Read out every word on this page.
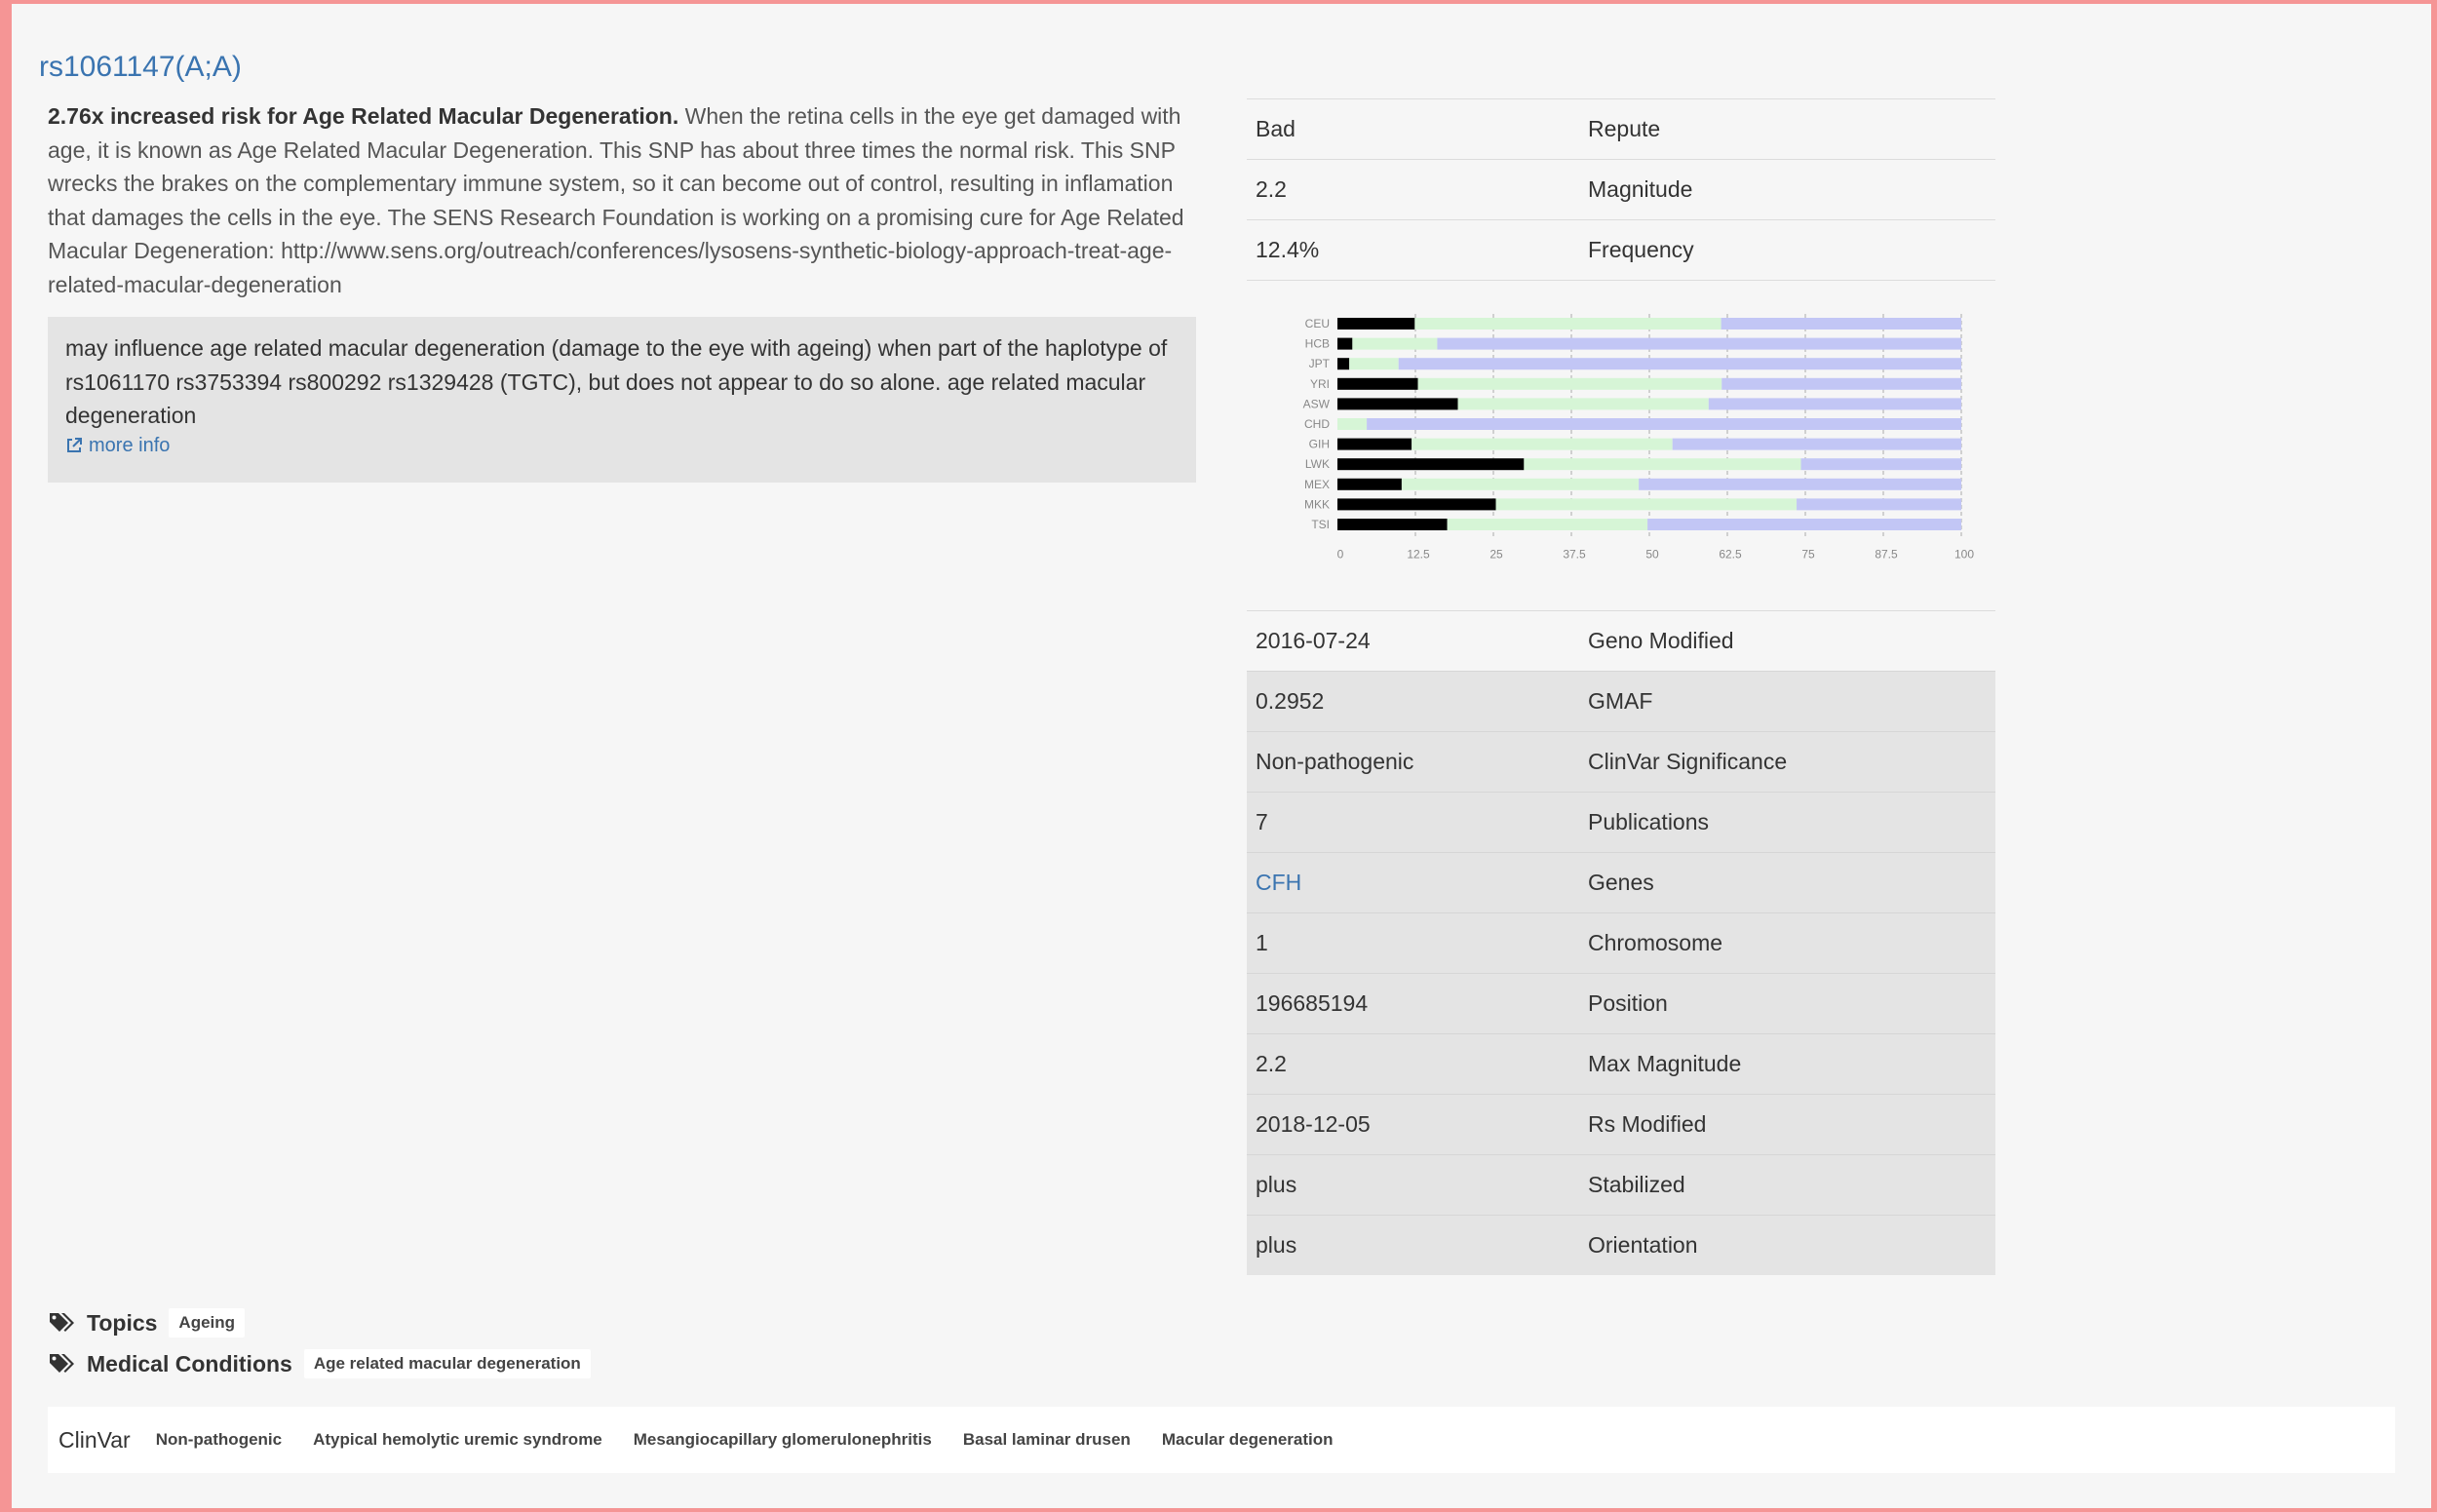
rs1061147(A;A)
2.76x increased risk for Age Related Macular Degeneration. When the retina cells in the eye get damaged with age, it is known as Age Related Macular Degeneration. This SNP has about three times the normal risk. This SNP wrecks the brakes on the complementary immune system, so it can become out of control, resulting in inflamation that damages the cells in the eye. The SENS Research Foundation is working on a promising cure for Age Related Macular Degeneration: http://www.sens.org/outreach/conferences/lysosens-synthetic-biology-approach-treat-age-related-macular-degeneration
may influence age related macular degeneration (damage to the eye with ageing) when part of the haplotype of rs1061170 rs3753394 rs800292 rs1329428 (TGTC), but does not appear to do so alone. age related macular degeneration
more info
Bad	Repute
2.2	Magnitude
12.4%	Frequency
CEU
HCB
JPT
YRI
ASW
CHD
GIH
LWK
MEX
MKK
TSI
0	12.5	25	37.5	50	62.5	75	87.5	100
2016-07-24	Geno Modified
0.2952	GMAF
Non-pathogenic	ClinVar Significance
7	Publications
CFH	Genes
1	Chromosome
196685194	Position
2.2	Max Magnitude
2018-12-05	Rs Modified
plus	Stabilized
plus	Orientation
Topics	Ageing
Medical Conditions	Age related macular degeneration
ClinVar	Non-pathogenic	Atypical hemolytic uremic syndrome	Mesangiocapillary glomerulonephritis	Basal laminar drusen	Macular degeneration
